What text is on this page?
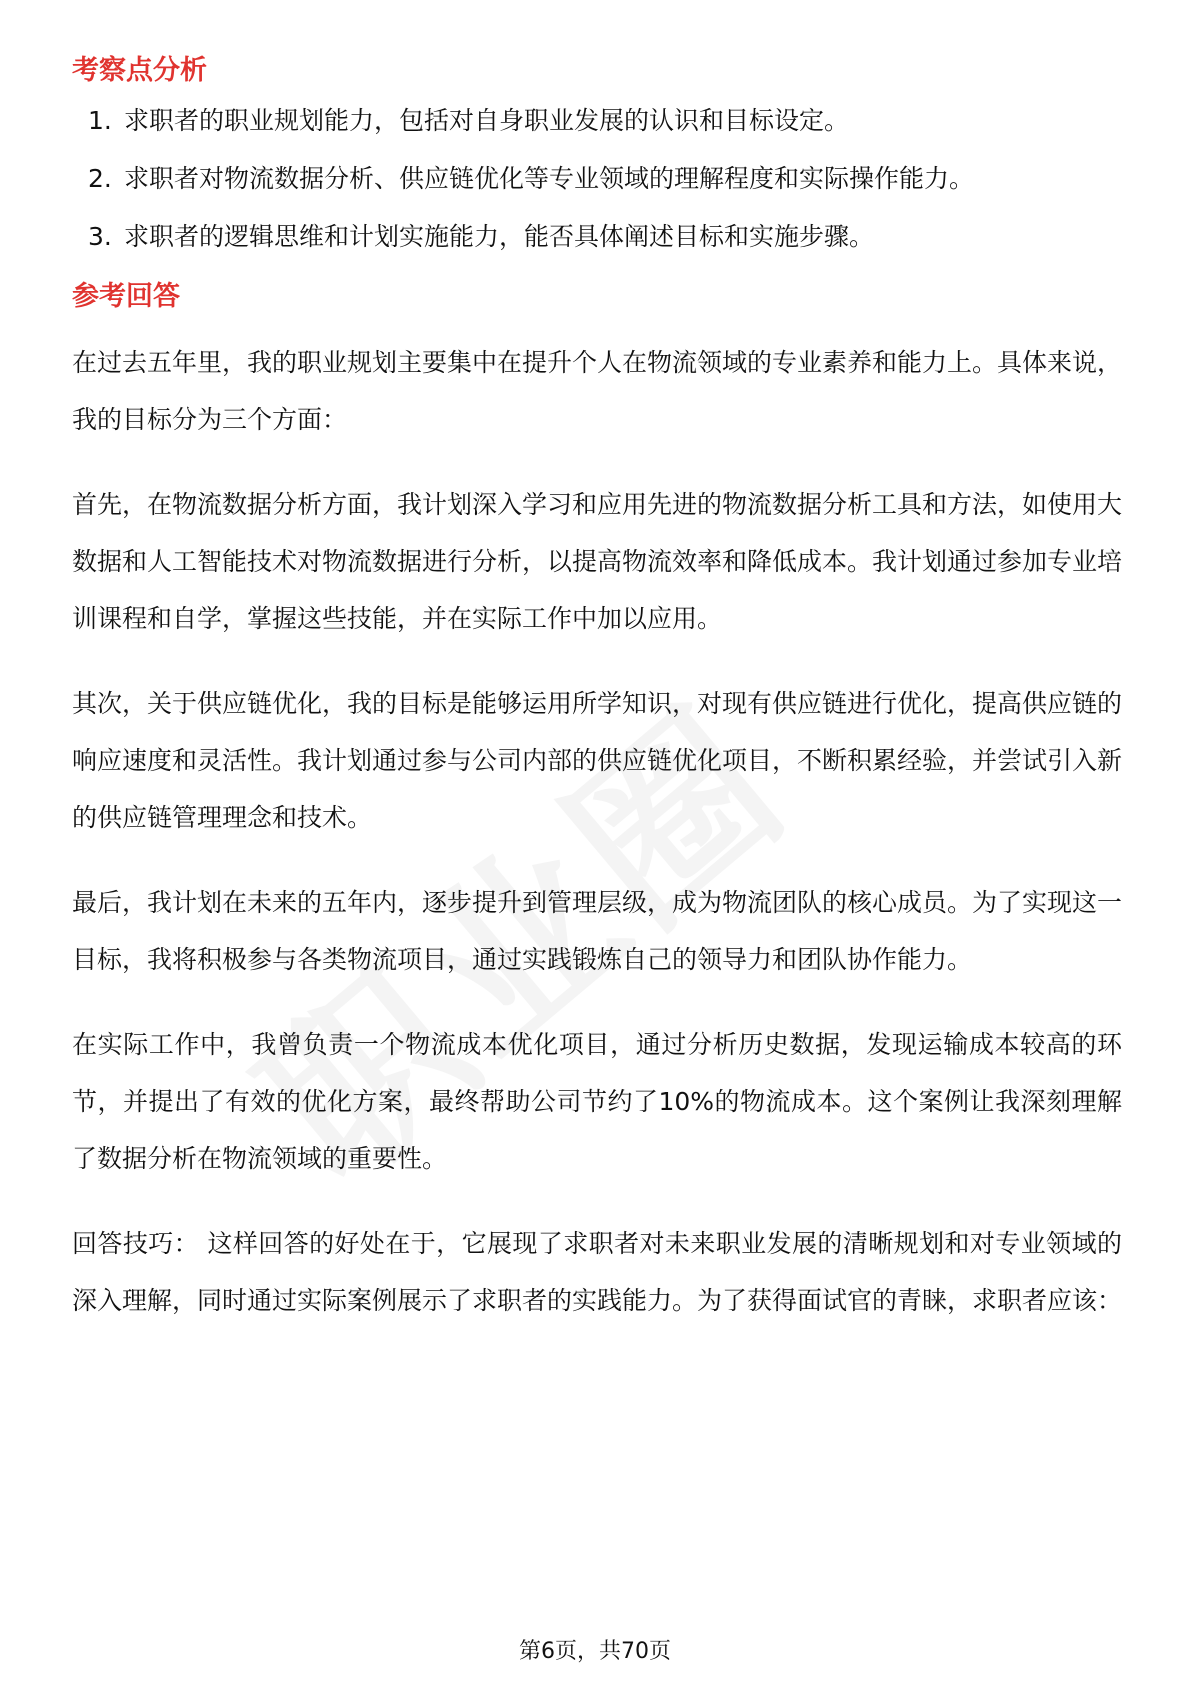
考察点分析
1. 求职者的职业规划能力，包括对自身职业发展的认识和目标设定。
2. 求职者对物流数据分析、供应链优化等专业领域的理解程度和实际操作能力。
3. 求职者的逻辑思维和计划实施能力，能否具体阐述目标和实施步骤。
参考回答

在过去五年里，我的职业规划主要集中在提升个人在物流领域的专业素养和能力上。具体来说，我的目标分为三个方面：

首先，在物流数据分析方面，我计划深入学习和应用先进的物流数据分析工具和方法，如使用大数据和人工智能技术对物流数据进行分析，以提高物流效率和降低成本。我计划通过参加专业培训课程和自学，掌握这些技能，并在实际工作中加以应用。

其次，关于供应链优化，我的目标是能够运用所学知识，对现有供应链进行优化，提高供应链的响应速度和灵活性。我计划通过参与公司内部的供应链优化项目，不断积累经验，并尝试引入新的供应链管理理念和技术。

最后，我计划在未来的五年内，逐步提升到管理层级，成为物流团队的核心成员。为了实现这一目标，我将积极参与各类物流项目，通过实践锻炼自己的领导力和团队协作能力。

在实际工作中，我曾负责一个物流成本优化项目，通过分析历史数据，发现运输成本较高的环节，并提出了有效的优化方案，最终帮助公司节约了10%的物流成本。这个案例让我深刻理解了数据分析在物流领域的重要性。

回答技巧： 这样回答的好处在于，它展现了求职者对未来职业发展的清晰规划和对专业领域的深入理解，同时通过实际案例展示了求职者的实践能力。为了获得面试官的青睐，求职者应该：

第6页，共70页
